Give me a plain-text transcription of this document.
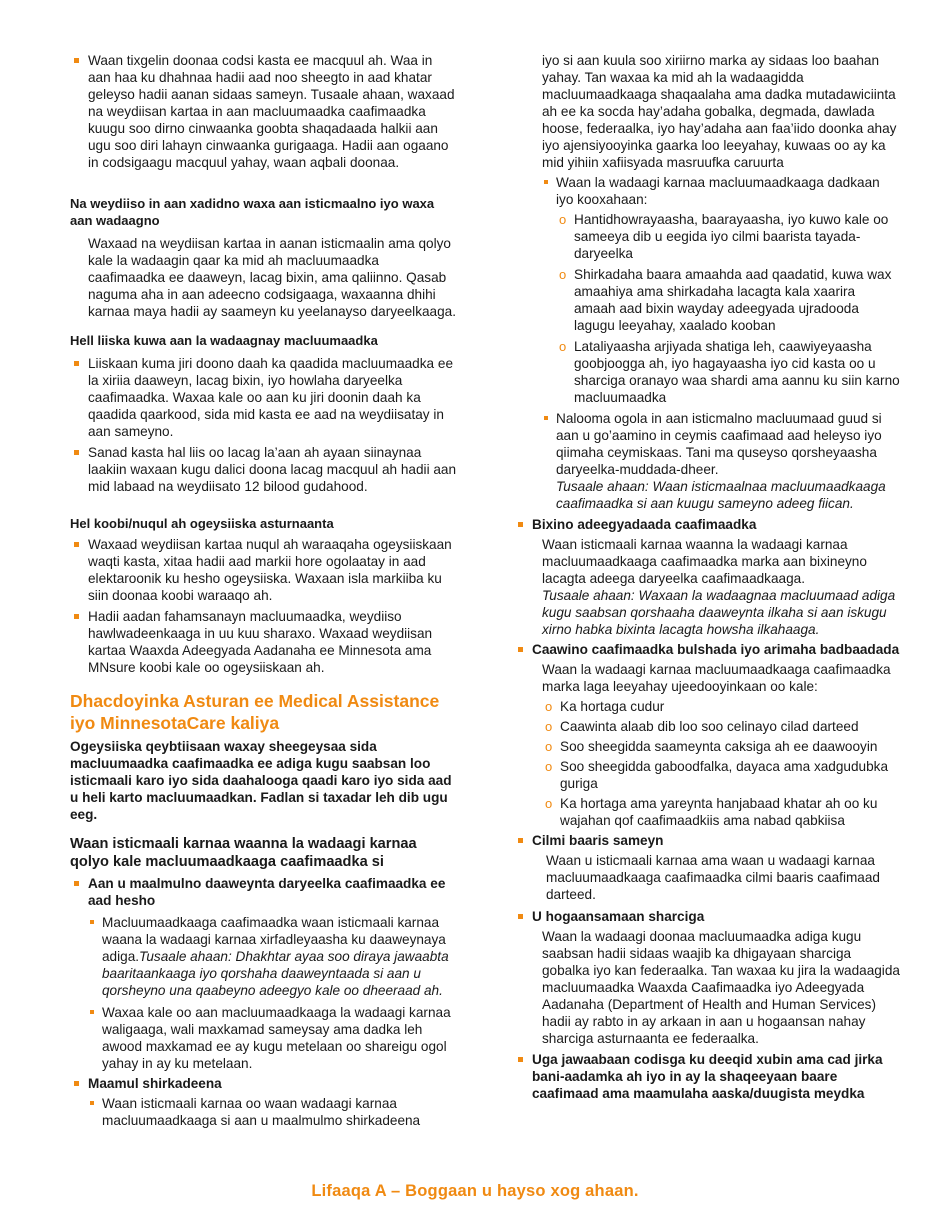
Waan tixgelin doonaa codsi kasta ee macquul ah. Waa in aan haa ku dhahnaa hadii aad noo sheegto in aad khatar geleyso hadii aanan sidaas sameyn. Tusaale ahaan, waxaad na weydiisan kartaa in aan macluumaadka caafimaadka kuugu soo dirno cinwaanka goobta shaqadaada halkii aan ugu soo diri lahayn cinwaanka gurigaaga. Hadii aan ogaano in codsigaagu macquul yahay, waan aqbali doonaa.

Na weydiiso in aan xadidno waxa aan isticmaalno iyo waxa aan wadaagno

Waxaad na weydiisan kartaa in aanan isticmaalin ama qolyo kale la wadaagin qaar ka mid ah macluumaadka caafimaadka ee daaweyn, lacag bixin, ama qaliinno. Qasab naguma aha in aan adeecno codsigaaga, waxaanna dhihi karnaa maya hadii ay saameyn ku yeelanayso daryeelkaaga.

Hell liiska kuwa aan la wadaagnay macluumaadka

Liiskaan kuma jiri doono daah ka qaadida macluumaadka ee la xiriia daaweyn, lacag bixin, iyo howlaha daryeelka caafimaadka. Waxaa kale oo aan ku jiri doonin daah ka qaadida qaarkood, sida mid kasta ee aad na weydiisatay in aan sameyno.

Sanad kasta hal liis oo lacag la’aan ah ayaan siinaynaa laakiin waxaan kugu dalici doona lacag macquul ah hadii aan mid labaad na weydiisato 12 bilood gudahood.

Hel koobi/nuqul ah ogeysiiska asturnaanta

Waxaad weydiisan kartaa nuqul ah waraaqaha ogeysiiskaan waqti kasta, xitaa hadii aad markii hore ogolaatay in aad elektaroonik ku hesho ogeysiiska. Waxaan isla markiiba ku siin doonaa koobi waraaqo ah.

Hadii aadan fahamsanayn macluumaadka, weydiiso hawlwadeenkaaga in uu kuu sharaxo. Waxaad weydiisan kartaa Waaxda Adeegyada Aadanaha ee Minnesota ama MNsure koobi kale oo ogeysiiskaan ah.

Dhacdoyinka Asturan ee Medical Assistance iyo MinnesotaCare kaliya

Ogeysiiska qeybtiisaan waxay sheegeysaa sida macluumaadka caafimaadka ee adiga kugu saabsan loo isticmaali karo iyo sida daahalooga qaadi karo iyo sida aad u heli karto macluumaadkan. Fadlan si taxadar leh dib ugu eeg.

Waan isticmaali karnaa waanna la wadaagi karnaa qolyo kale macluumaadkaaga caafimaadka si

Aan u maalmulno daaweynta daryeelka caafimaadka ee aad hesho

Macluumaadkaaga caafimaadka waan isticmaali karnaa waana la wadaagi karnaa xirfadleyaasha ku daaweynaya adiga.Tusaale ahaan: Dhakhtar ayaa soo diraya jawaabta baaritaankaaga iyo qorshaha daaweyntaada si aan u qorsheyno una qaabeyno adeegyo kale oo dheeraad ah.

Waxaa kale oo aan macluumaadkaaga la wadaagi karnaa waligaaga, wali maxkamad sameysay ama dadka leh awood maxkamad ee ay kugu metelaan oo shareigu ogol yahay in ay ku metelaan.

Maamul shirkadeena

Waan isticmaali karnaa oo waan wadaagi karnaa macluumaadkaaga si aan u maalmulmo shirkadeena

iyo si aan kuula soo xiriirno marka ay sidaas loo baahan yahay. Tan waxaa ka mid ah la wadaagidda macluumaadkaaga shaqaalaha ama dadka mutadawiciinta ah ee ka socda hay’adaha gobalka, degmada, dawlada hoose, federaalka, iyo hay’adaha aan faa’iido doonka ahay iyo ajensiyooyinka gaarka loo leeyahay, kuwaas oo ay ka mid yihiin xafiisyada masruufka caruurta

Waan la wadaagi karnaa macluumaadkaaga dadkaan iyo kooxahaan:

o Hantidhowrayaasha, baarayaasha, iyo kuwo kale oo sameeya dib u eegida iyo cilmi baarista tayada-daryeelka

o Shirkadaha baara amaahda aad qaadatid, kuwa wax amaahiya ama shirkadaha lacagta kala xaarira amaah aad bixin wayday adeegyada ujradooda lagugu leeyahay, xaalado kooban

o Lataliyaasha arjiyada shatiga leh, caawiyeyaasha goobjoogga ah, iyo hagayaasha iyo cid kasta oo u sharciga oranayo waa shardi ama aannu ku siin karno macluumaadka

Nalooma ogola in aan isticmalno macluumaad guud si aan u go’aamino in ceymis caafimaad aad heleyso iyo qiimaha ceymiskaas. Tani ma quseyso qorsheyaasha daryeelka-muddada-dheer.
Tusaale ahaan: Waan isticmaalnaa macluumaadkaaga caafimaadka si aan kuugu sameyno adeeg fiican.

Bixino adeegyadaada caafimaadka

Waan isticmaali karnaa waanna la wadaagi karnaa macluumaadkaaga caafimaadka marka aan bixineyno lacagta adeega daryeelka caafimaadkaaga.

Tusaale ahaan: Waxaan la wadaagnaa macluumaad adiga kugu saabsan qorshaaha daaweynta ilkaha si aan iskugu xirno habka bixinta lacagta howsha ilkahaaga.

Caawino caafimaadka bulshada iyo arimaha badbaadada

Waan la wadaagi karnaa macluumaadkaaga caafimaadka marka laga leeyahay ujeedooyinkaan oo kale:

o Ka hortaga cudur

o Caawinta alaab dib loo soo celinayo cilad darteed

o Soo sheegidda saameynta caksiga ah ee daawooyin

o Soo sheegidda gaboodfalka, dayaca ama xadgudubka guriga

o Ka hortaga ama yareynta hanjabaad khatar ah oo ku wajahan qof caafimaadkiis ama nabad qabkiisa

Cilmi baaris sameyn

Waan u isticmaali karnaa ama waan u wadaagi karnaa macluumaadkaaga caafimaadka cilmi baaris caafimaad darteed.

U hogaansamaan sharciga

Waan la wadaagi doonaa macluumaadka adiga kugu saabsan hadii sidaas waajib ka dhigayaan sharciga gobalka iyo kan federaalka. Tan waxaa ku jira la wadaagida macluumaadka Waaxda Caafimaadka iyo Adeegyada Aadanaha (Department of Health and Human Services) hadii ay rabto in ay arkaan in aan u hogaansan nahay sharciga asturnaanta ee federaalka.

Uga jawaabaan codisga ku deeqid xubin ama cad jirka bani-aadamka ah iyo in ay la shaqeeyaan baare caafimaad ama maamulaha aaska/duugista meydka

Lifaaqa A – Boggaan u hayso xog ahaan.
